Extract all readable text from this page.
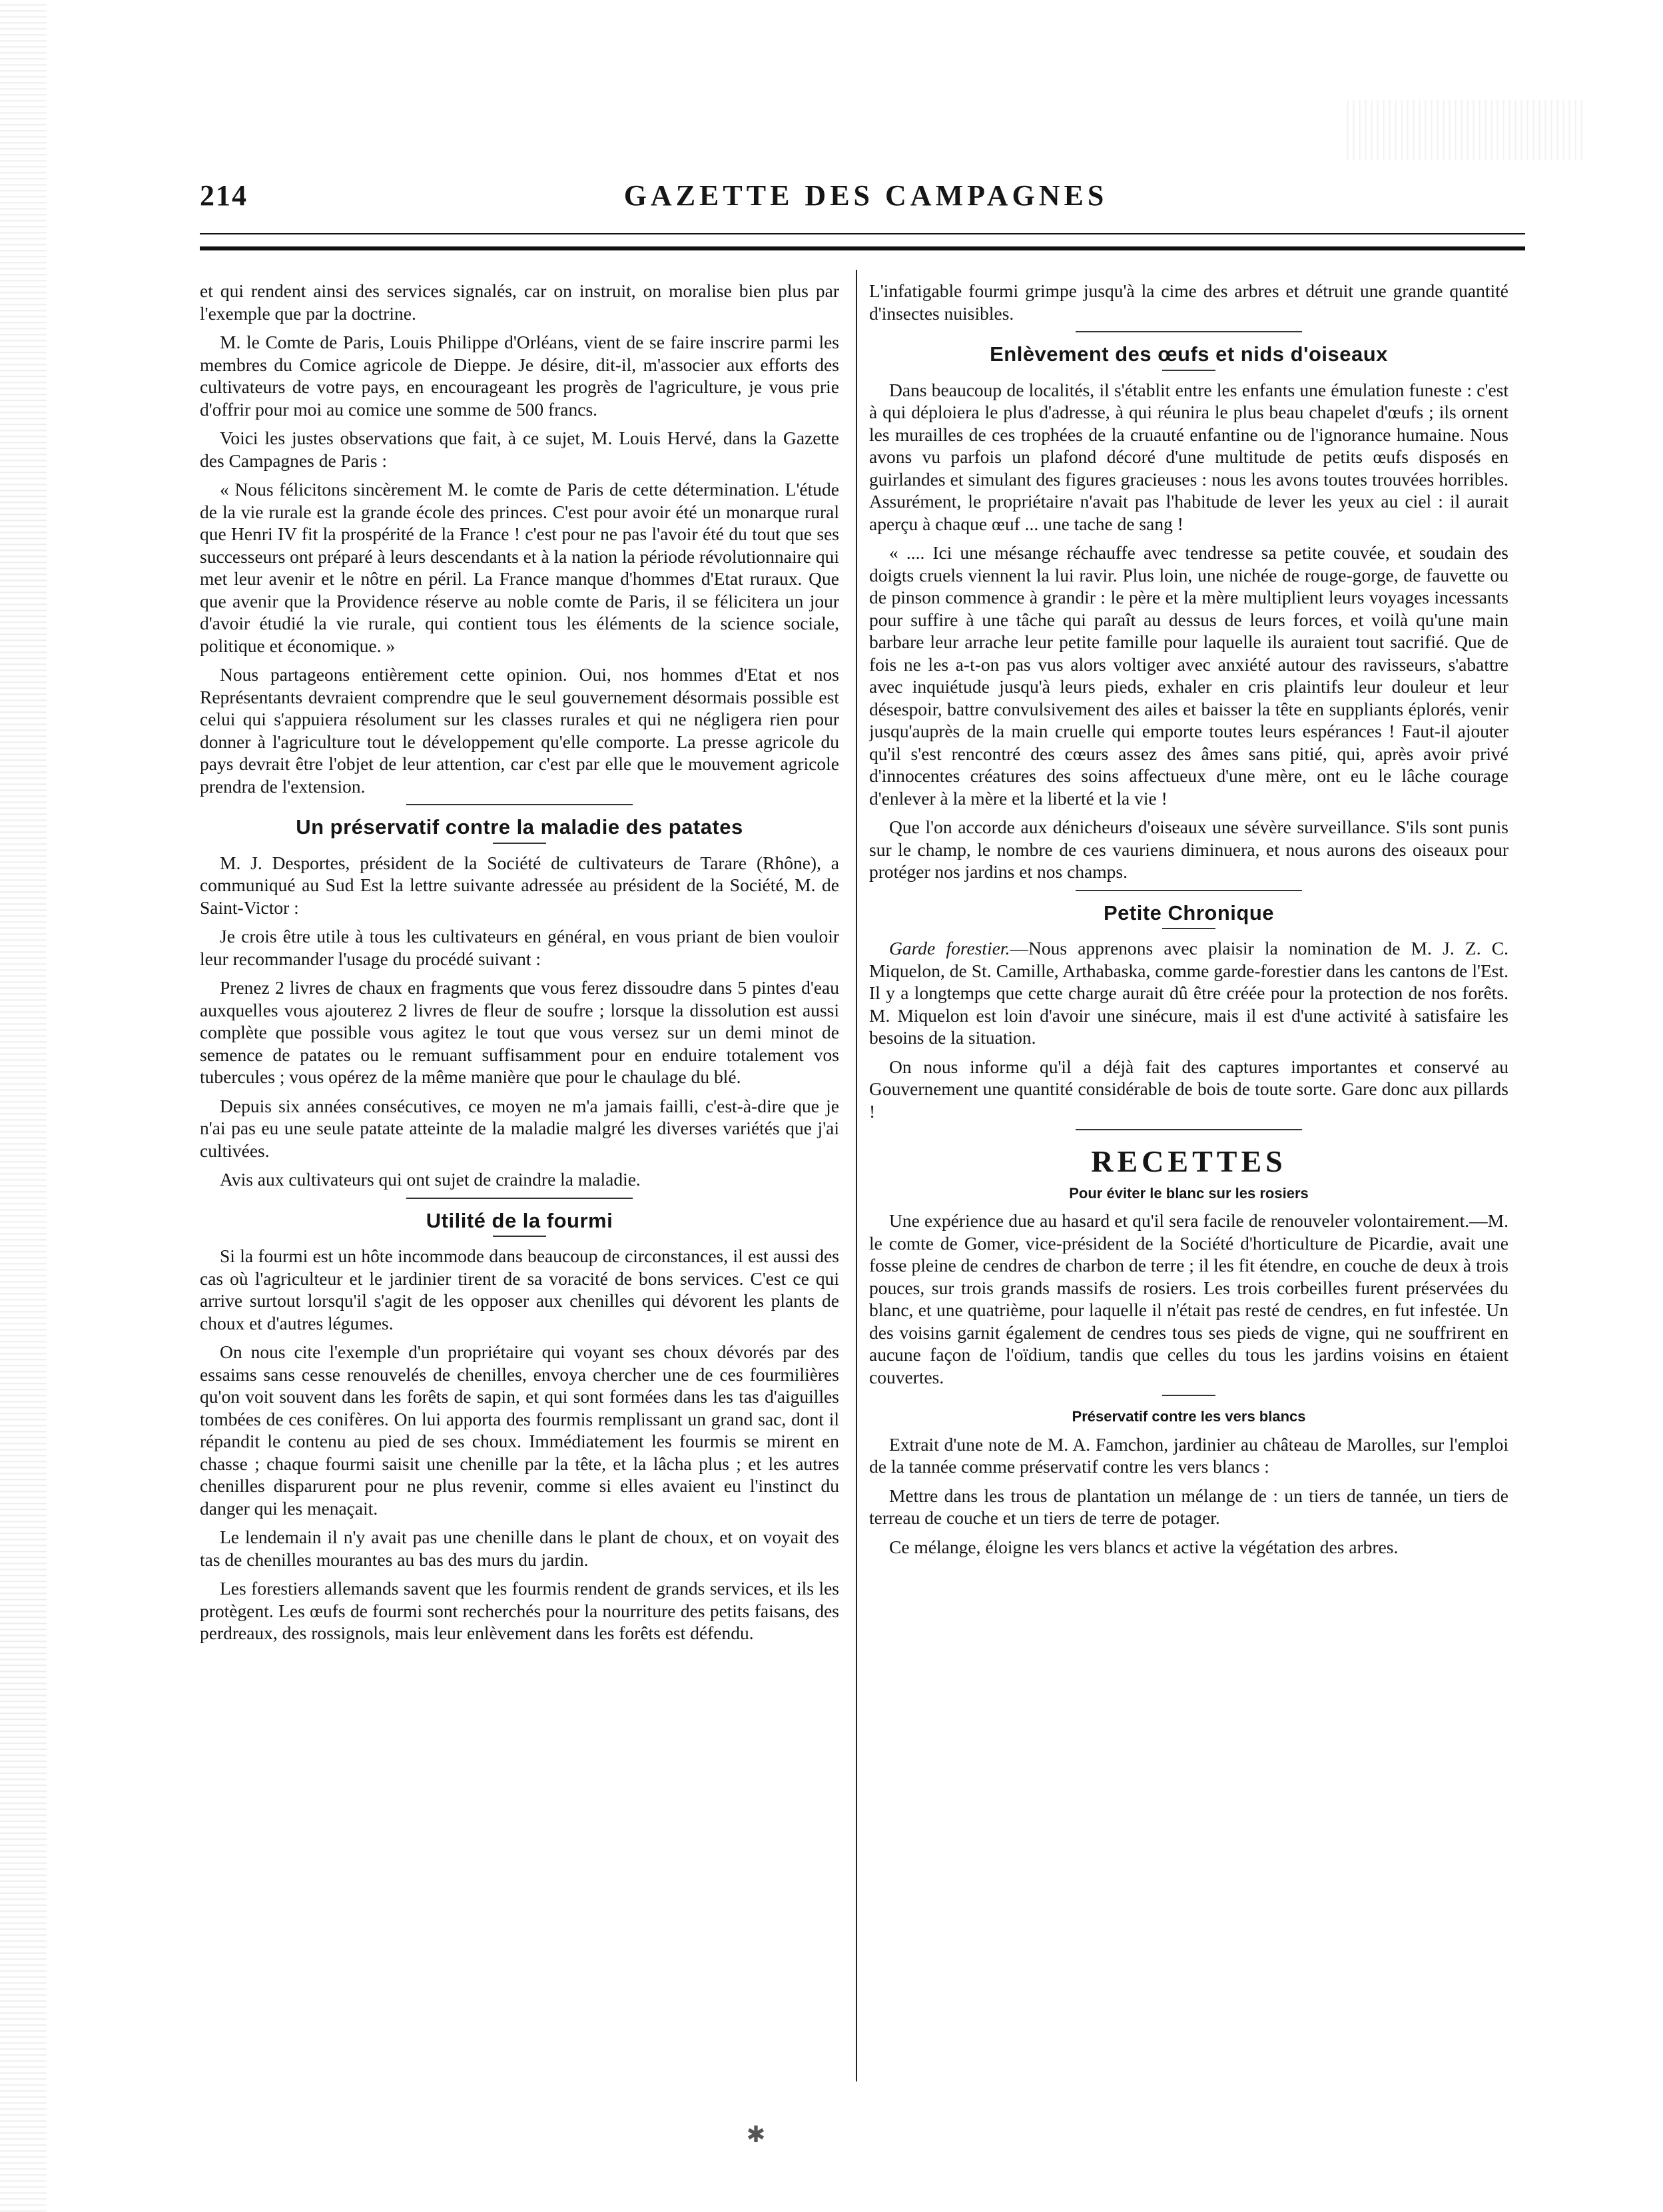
214	GAZETTE DES CAMPAGNES

et qui rendent ainsi des services signalés, car on instruit, on moralise bien plus par l'exemple que par la doctrine.

M. le Comte de Paris, Louis Philippe d'Orléans, vient de se faire inscrire parmi les membres du Comice agricole de Dieppe. Je désire, dit-il, m'associer aux efforts des cultivateurs de votre pays, en encourageant les progrès de l'agriculture, je vous prie d'offrir pour moi au comice une somme de 500 francs.

Voici les justes observations que fait, à ce sujet, M. Louis Hervé, dans la Gazette des Campagnes de Paris :

« Nous félicitons sincèrement M. le comte de Paris de cette détermination. L'étude de la vie rurale est la grande école des princes. C'est pour avoir été un monarque rural que Henri IV fit la prospérité de la France ! c'est pour ne pas l'avoir été du tout que ses successeurs ont préparé à leurs descendants et à la nation la période révolutionnaire qui met leur avenir et le nôtre en péril. La France manque d'hommes d'Etat ruraux. Que que avenir que la Providence réserve au noble comte de Paris, il se félicitera un jour d'avoir étudié la vie rurale, qui contient tous les éléments de la science sociale, politique et économique. »

Nous partageons entièrement cette opinion. Oui, nos hommes d'Etat et nos Représentants devraient comprendre que le seul gouvernement désormais possible est celui qui s'appuiera résolument sur les classes rurales et qui ne négligera rien pour donner à l'agriculture tout le développement qu'elle comporte. La presse agricole du pays devrait être l'objet de leur attention, car c'est par elle que le mouvement agricole prendra de l'extension.

Un préservatif contre la maladie des patates

M. J. Desportes, président de la Société de cultivateurs de Tarare (Rhône), a communiqué au Sud Est la lettre suivante adressée au président de la Société, M. de Saint-Victor :

Je crois être utile à tous les cultivateurs en général, en vous priant de bien vouloir leur recommander l'usage du procédé suivant :

Prenez 2 livres de chaux en fragments que vous ferez dissoudre dans 5 pintes d'eau auxquelles vous ajouterez 2 livres de fleur de soufre ; lorsque la dissolution est aussi complète que possible vous agitez le tout que vous versez sur un demi minot de semence de patates ou le remuant suffisamment pour en enduire totalement vos tubercules ; vous opérez de la même manière que pour le chaulage du blé.

Depuis six années consécutives, ce moyen ne m'a jamais failli, c'est-à-dire que je n'ai pas eu une seule patate atteinte de la maladie malgré les diverses variétés que j'ai cultivées.

Avis aux cultivateurs qui ont sujet de craindre la maladie.

Utilité de la fourmi

Si la fourmi est un hôte incommode dans beaucoup de circonstances, il est aussi des cas où l'agriculteur et le jardinier tirent de sa voracité de bons services. C'est ce qui arrive surtout lorsqu'il s'agit de les opposer aux chenilles qui dévorent les plants de choux et d'autres légumes.

On nous cite l'exemple d'un propriétaire qui voyant ses choux dévorés par des essaims sans cesse renouvelés de chenilles, envoya chercher une de ces fourmilières qu'on voit souvent dans les forêts de sapin, et qui sont formées dans les tas d'aiguilles tombées de ces conifères. On lui apporta des fourmis remplissant un grand sac, dont il répandit le contenu au pied de ses choux. Immédiatement les fourmis se mirent en chasse ; chaque fourmi saisit une chenille par la tête, et la lâcha plus ; et les autres chenilles disparurent pour ne plus revenir, comme si elles avaient eu l'instinct du danger qui les menaçait.

Le lendemain il n'y avait pas une chenille dans le plant de choux, et on voyait des tas de chenilles mourantes au bas des murs du jardin.

Les forestiers allemands savent que les fourmis rendent de grands services, et ils les protègent. Les œufs de fourmi sont recherchés pour la nourriture des petits faisans, des perdreaux, des rossignols, mais leur enlèvement dans les forêts est défendu.

L'infatigable fourmi grimpe jusqu'à la cime des arbres et détruit une grande quantité d'insectes nuisibles.

Enlèvement des œufs et nids d'oiseaux

Dans beaucoup de localités, il s'établit entre les enfants une émulation funeste : c'est à qui déploiera le plus d'adresse, à qui réunira le plus beau chapelet d'œufs ; ils ornent les murailles de ces trophées de la cruauté enfantine ou de l'ignorance humaine. Nous avons vu parfois un plafond décoré d'une multitude de petits œufs disposés en guirlandes et simulant des figures gracieuses : nous les avons toutes trouvées horribles. Assurément, le propriétaire n'avait pas l'habitude de lever les yeux au ciel : il aurait aperçu à chaque œuf ... une tache de sang !

« .... Ici une mésange réchauffe avec tendresse sa petite couvée, et soudain des doigts cruels viennent la lui ravir. Plus loin, une nichée de rouge-gorge, de fauvette ou de pinson commence à grandir : le père et la mère multiplient leurs voyages incessants pour suffire à une tâche qui paraît au dessus de leurs forces, et voilà qu'une main barbare leur arrache leur petite famille pour laquelle ils auraient tout sacrifié. Que de fois ne les a-t-on pas vus alors voltiger avec anxiété autour des ravisseurs, s'abattre avec inquiétude jusqu'à leurs pieds, exhaler en cris plaintifs leur douleur et leur désespoir, battre convulsivement des ailes et baisser la tête en suppliants éplorés, venir jusqu'auprès de la main cruelle qui emporte toutes leurs espérances ! Faut-il ajouter qu'il s'est rencontré des cœurs assez des âmes sans pitié, qui, après avoir privé d'innocentes créatures des soins affectueux d'une mère, ont eu le lâche courage d'enlever à la mère et la liberté et la vie !

Que l'on accorde aux dénicheurs d'oiseaux une sévère surveillance. S'ils sont punis sur le champ, le nombre de ces vauriens diminuera, et nous aurons des oiseaux pour protéger nos jardins et nos champs.

Petite Chronique

Garde forestier.—Nous apprenons avec plaisir la nomination de M. J. Z. C. Miquelon, de St. Camille, Arthabaska, comme garde-forestier dans les cantons de l'Est. Il y a longtemps que cette charge aurait dû être créée pour la protection de nos forêts. M. Miquelon est loin d'avoir une sinécure, mais il est d'une activité à satisfaire les besoins de la situation.

On nous informe qu'il a déjà fait des captures importantes et conservé au Gouvernement une quantité considérable de bois de toute sorte. Gare donc aux pillards !

RECETTES
Pour éviter le blanc sur les rosiers

Une expérience due au hasard et qu'il sera facile de renouveler volontairement.—M. le comte de Gomer, vice-président de la Société d'horticulture de Picardie, avait une fosse pleine de cendres de charbon de terre ; il les fit étendre, en couche de deux à trois pouces, sur trois grands massifs de rosiers. Les trois corbeilles furent préservées du blanc, et une quatrième, pour laquelle il n'était pas resté de cendres, en fut infestée. Un des voisins garnit également de cendres tous ses pieds de vigne, qui ne souffrirent en aucune façon de l'oïdium, tandis que celles du tous les jardins voisins en étaient couvertes.

Préservatif contre les vers blancs

Extrait d'une note de M. A. Famchon, jardinier au château de Marolles, sur l'emploi de la tannée comme préservatif contre les vers blancs :

Mettre dans les trous de plantation un mélange de : un tiers de tannée, un tiers de terreau de couche et un tiers de terre de potager.

Ce mélange, éloigne les vers blancs et active la végétation des arbres.

✱
